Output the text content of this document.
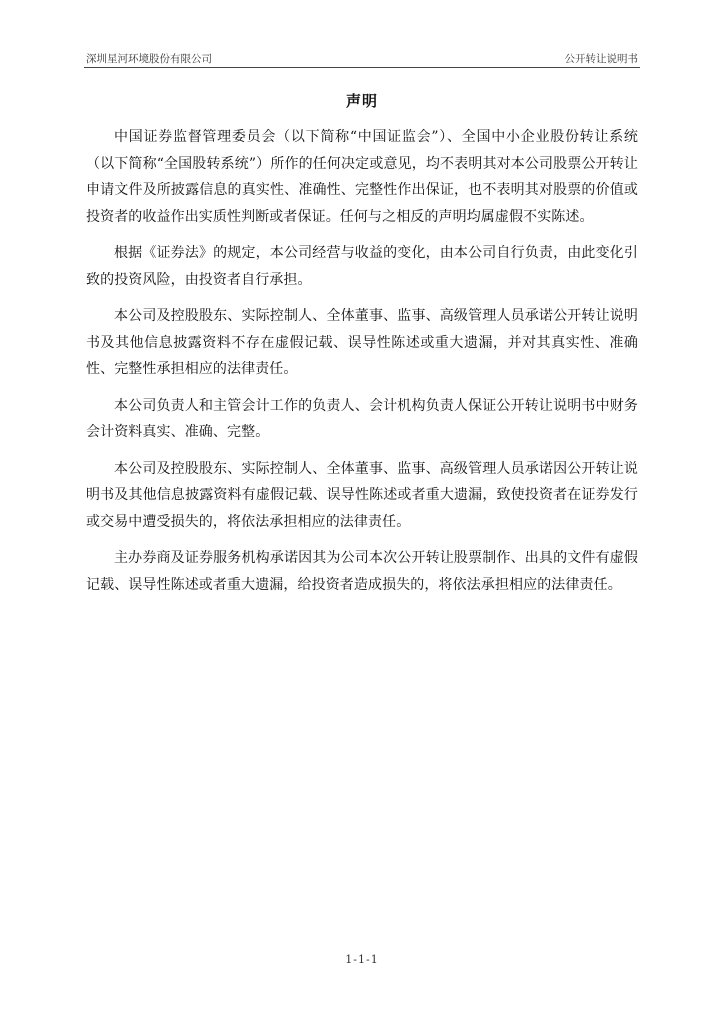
深圳星河环境股份有限公司	公开转让说明书
声明

中国证券监督管理委员会（以下简称“中国证监会”）、全国中小企业股份转让系统（以下简称“全国股转系统”）所作的任何决定或意见，均不表明其对本公司股票公开转让申请文件及所披露信息的真实性、准确性、完整性作出保证，也不表明其对股票的价值或投资者的收益作出实质性判断或者保证。任何与之相反的声明均属虚假不实陈述。

根据《证券法》的规定，本公司经营与收益的变化，由本公司自行负责，由此变化引致的投资风险，由投资者自行承担。

本公司及控股股东、实际控制人、全体董事、监事、高级管理人员承诺公开转让说明书及其他信息披露资料不存在虚假记载、误导性陈述或重大遗漏，并对其真实性、准确性、完整性承担相应的法律责任。

本公司负责人和主管会计工作的负责人、会计机构负责人保证公开转让说明书中财务会计资料真实、准确、完整。

本公司及控股股东、实际控制人、全体董事、监事、高级管理人员承诺因公开转让说明书及其他信息披露资料有虚假记载、误导性陈述或者重大遗漏，致使投资者在证券发行或交易中遭受损失的，将依法承担相应的法律责任。

主办券商及证券服务机构承诺因其为公司本次公开转让股票制作、出具的文件有虚假记载、误导性陈述或者重大遗漏，给投资者造成损失的，将依法承担相应的法律责任。

1-1-1
